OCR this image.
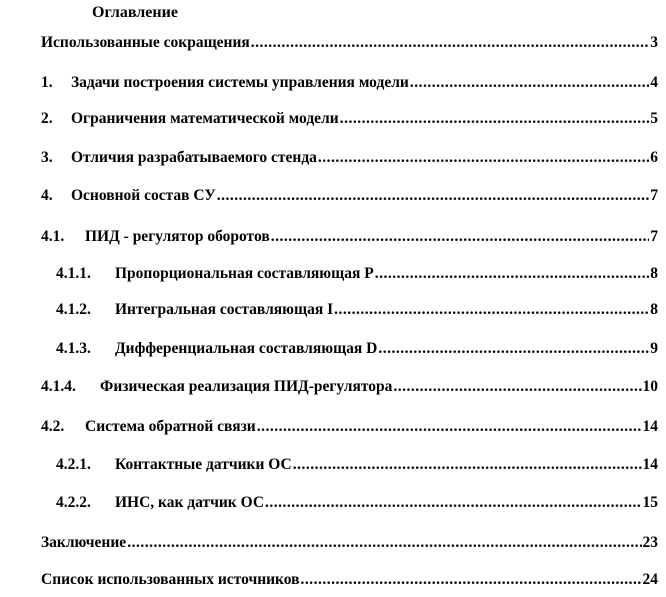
Оглавление
Использованные сокращения .....	3
1.	Задачи построения системы управления модели .....	4
2.	Ограничения математической модели .....	5
3.	Отличия разрабатываемого стенда .....	6
4.	Основной состав СУ .....	7
4.1.	ПИД - регулятор оборотов .....	7
4.1.1.	Пропорциональная составляющая P .....	8
4.1.2.	Интегральная составляющая I .....	8
4.1.3.	Дифференциальная составляющая D .....	9
4.1.4.	Физическая реализация ПИД-регулятора .....	10
4.2.	Система обратной связи .....	14
4.2.1.	Контактные датчики ОС .....	14
4.2.2.	ИНС, как датчик ОС .....	15
Заключение .....	23
Список использованных источников .....	24
